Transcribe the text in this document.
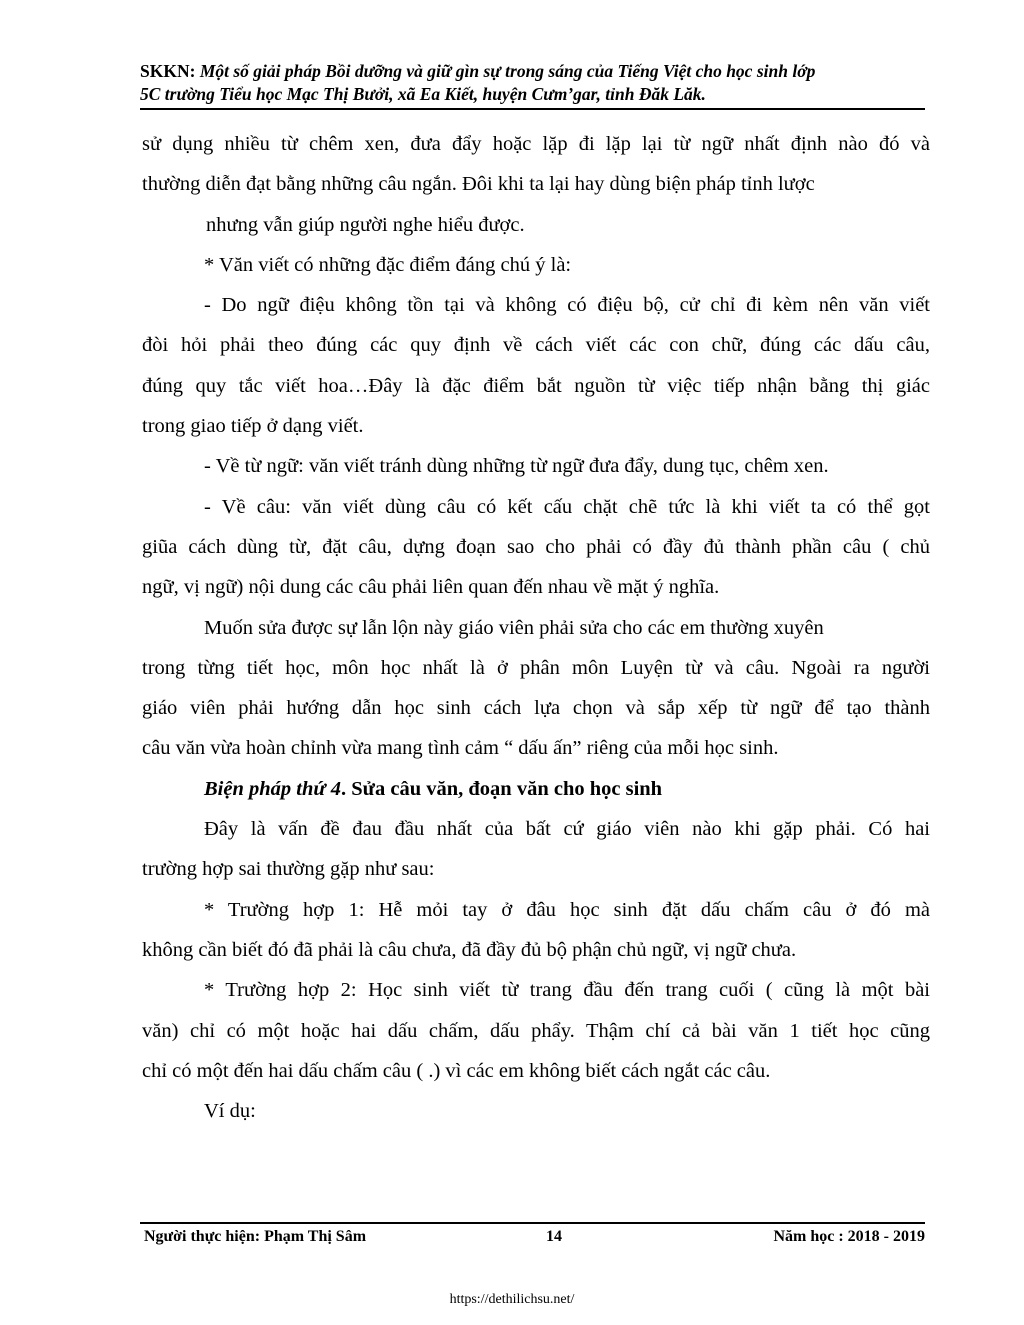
SKKN: Một số giải pháp Bồi dưỡng và giữ gìn sự trong sáng của Tiếng Việt cho học sinh lớp
5C trường Tiểu học Mạc Thị Bưởi, xã Ea Kiết, huyện Cưm’gar, tỉnh Đăk Lăk.
sử dụng nhiều từ chêm xen, đưa đẩy hoặc lặp đi lặp lại từ ngữ nhất định nào đó và
thường diễn đạt bằng những câu ngắn. Đôi khi ta lại hay dùng biện pháp tỉnh lược
nhưng vẫn giúp người nghe hiểu được.
* Văn viết có những đặc điểm đáng chú ý là:
- Do ngữ điệu không tồn tại và không có điệu bộ, cử chỉ đi kèm nên văn viết
đòi hỏi phải theo đúng các quy định về cách viết các con chữ, đúng các dấu câu,
đúng quy tắc viết hoa…Đây là đặc điểm bắt nguồn từ việc tiếp nhận bằng thị giác
trong giao tiếp ở dạng viết.
- Về từ ngữ: văn viết tránh dùng những từ ngữ đưa đẩy, dung tục, chêm xen.
- Về câu: văn viết dùng câu có kết cấu chặt chẽ tức là khi viết ta có thể gọt
giũa cách dùng từ, đặt câu, dựng đoạn sao cho phải có đầy đủ thành phần câu ( chủ
ngữ, vị ngữ) nội dung các câu phải liên quan đến nhau về mặt ý nghĩa.
Muốn sửa được sự lẫn lộn này giáo viên phải sửa cho các em thường xuyên
trong từng tiết học, môn học nhất là ở phân môn Luyện từ và câu. Ngoài ra người
giáo viên phải hướng dẫn học sinh cách lựa chọn và sắp xếp từ ngữ để tạo thành
câu văn vừa hoàn chỉnh vừa mang tình cảm “ dấu ấn” riêng của mỗi học sinh.
Biện pháp thứ 4. Sửa câu văn, đoạn văn cho học sinh
Đây là vấn đề đau đầu nhất của bất cứ giáo viên nào khi gặp phải. Có hai
trường hợp sai thường gặp như sau:
* Trường hợp 1: Hễ mỏi tay ở đâu học sinh đặt dấu chấm câu ở đó mà
không cần biết đó đã phải là câu chưa, đã đầy đủ bộ phận chủ ngữ, vị ngữ chưa.
* Trường hợp 2: Học sinh viết từ trang đầu đến trang cuối ( cũng là một bài
văn) chỉ có một hoặc hai dấu chấm, dấu phẩy. Thậm chí cả bài văn 1 tiết học cũng
chỉ có một đến hai dấu chấm câu ( .) vì các em không biết cách ngắt các câu.
Ví dụ:
Người thực hiện: Phạm Thị Sâm	14	Năm học : 2018 - 2019
https://dethilichsu.net/
